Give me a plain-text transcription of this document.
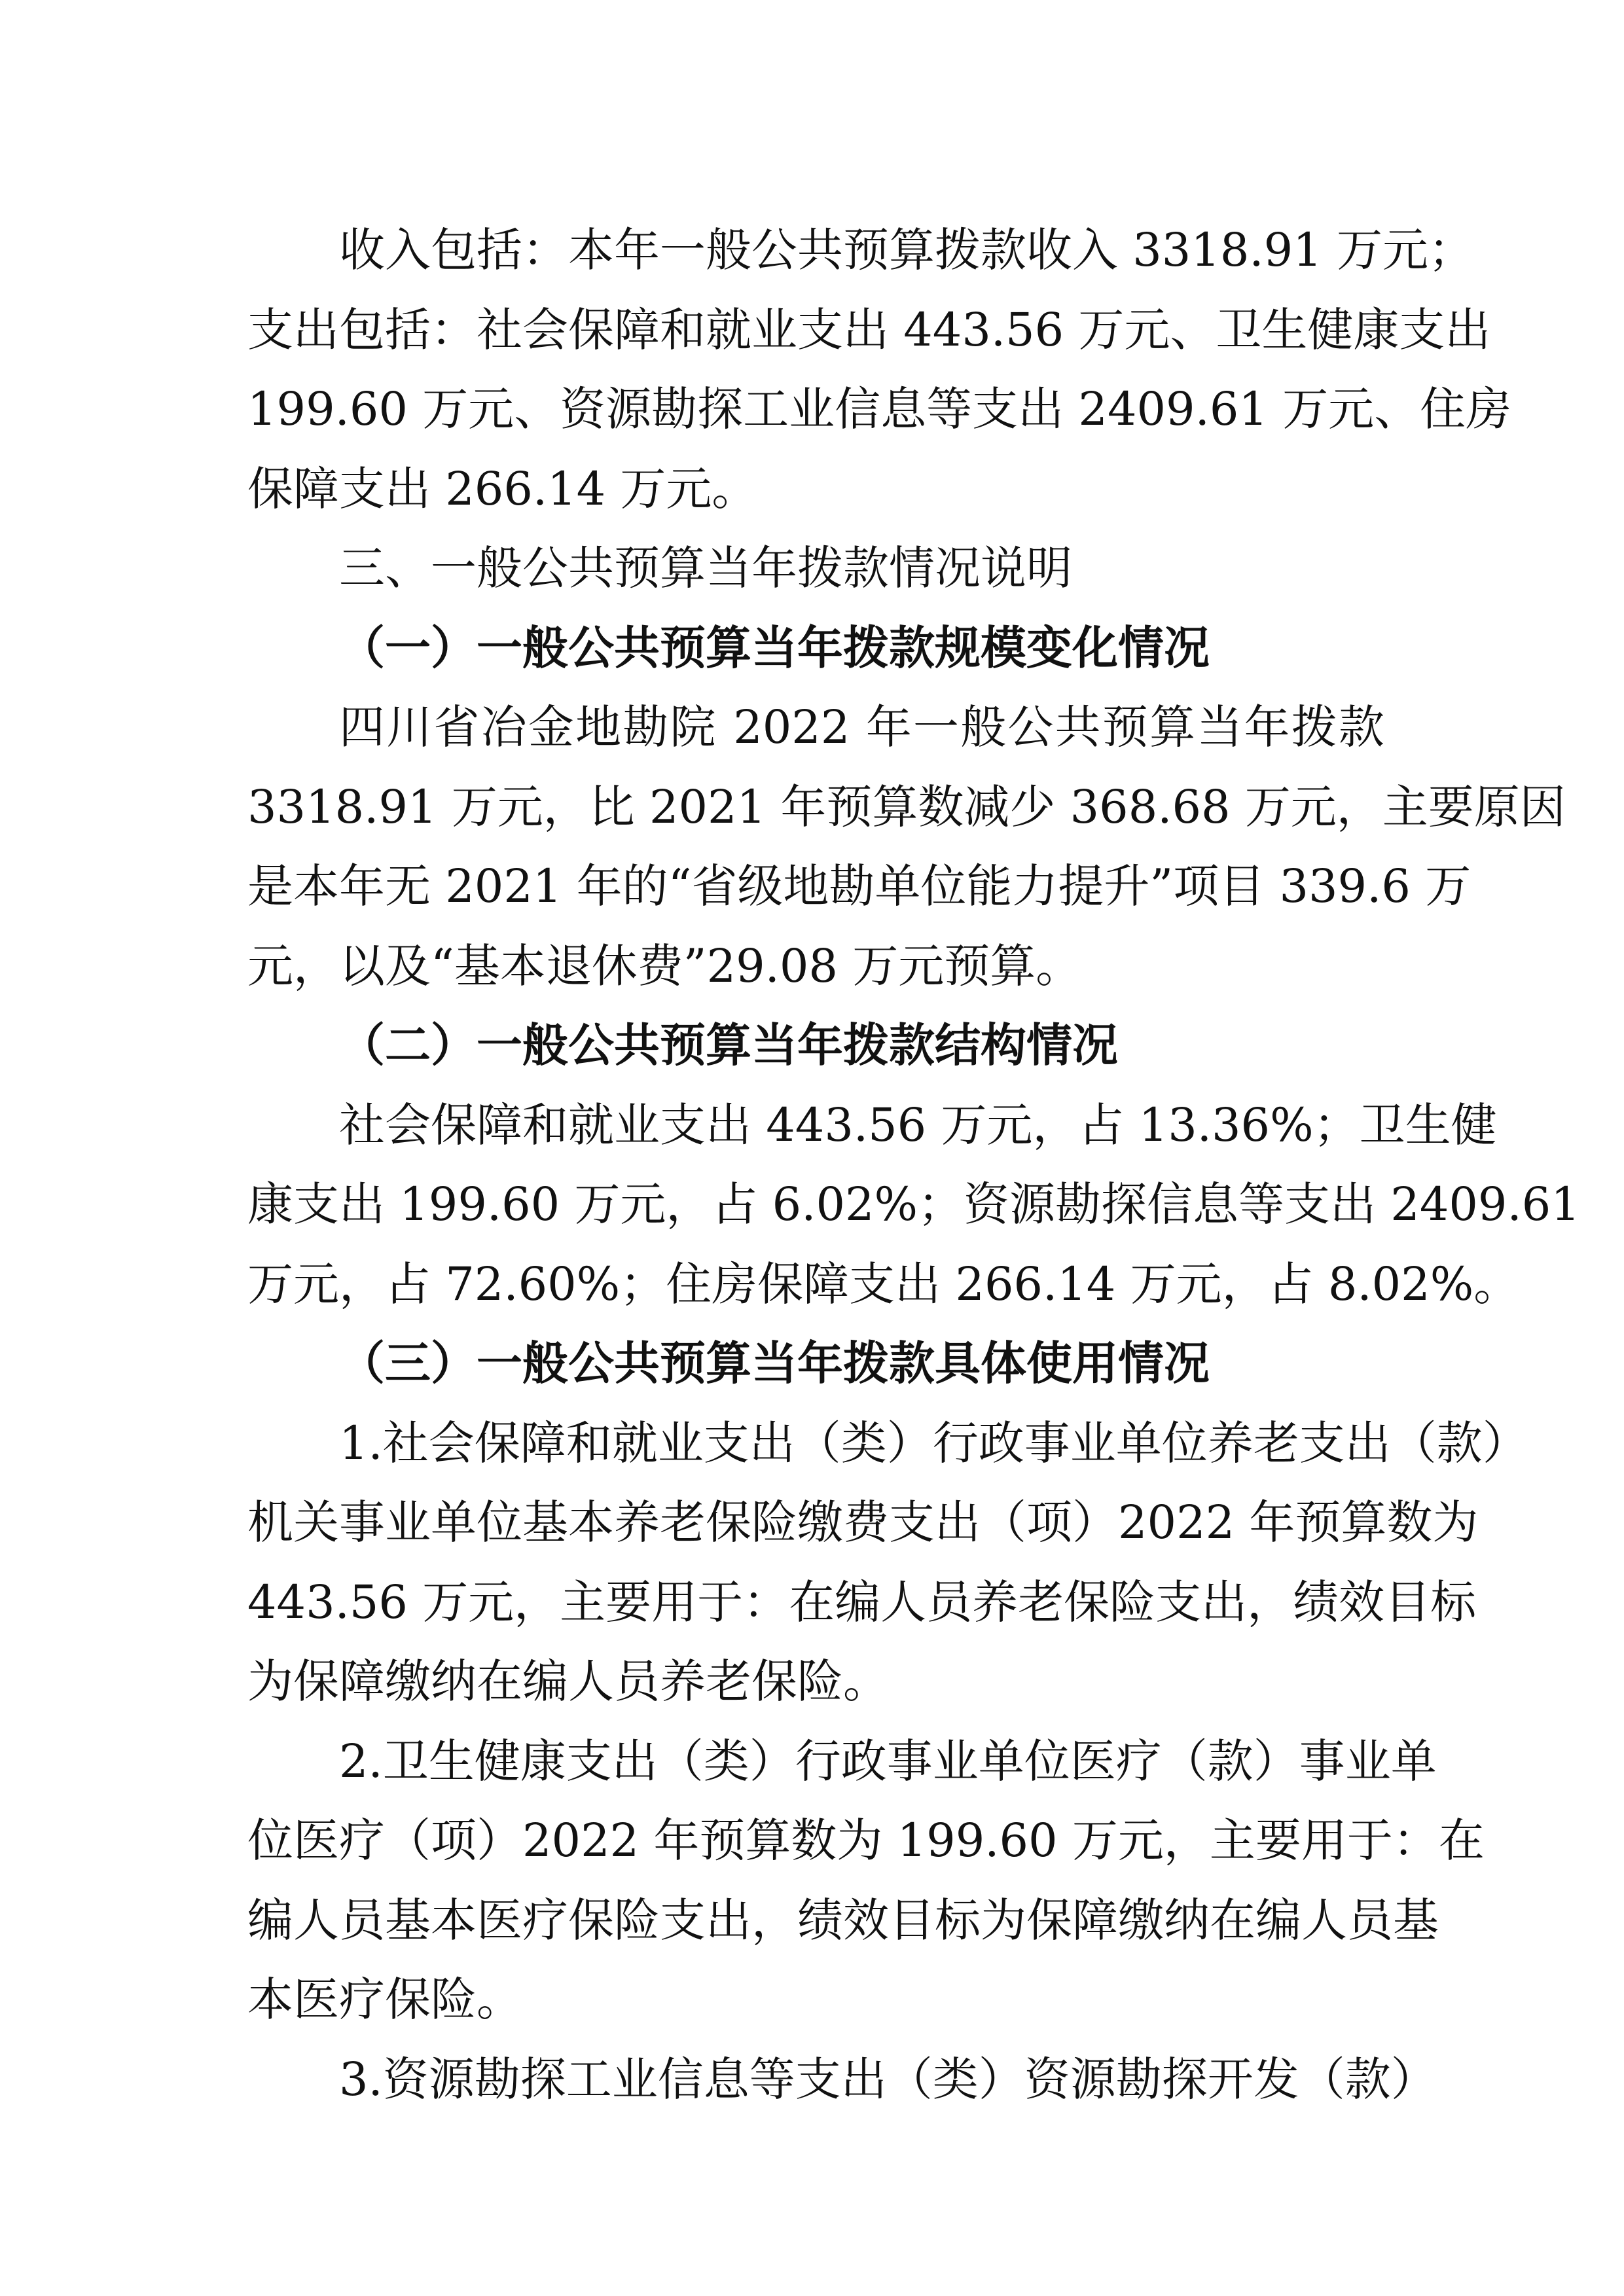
收入包括：本年一般公共预算拨款收入 3318.91 万元；
支出包括：社会保障和就业支出 443.56 万元、卫生健康支出
199.60 万元、资源勘探工业信息等支出 2409.61 万元、住房
保障支出 266.14 万元。
三、一般公共预算当年拨款情况说明
（一）一般公共预算当年拨款规模变化情况
四川省冶金地勘院 2022 年一般公共预算当年拨款
3318.91 万元，比 2021 年预算数减少 368.68 万元，主要原因
是本年无 2021 年的“省级地勘单位能力提升”项目 339.6 万
元，以及“基本退休费”29.08 万元预算。
（二）一般公共预算当年拨款结构情况
社会保障和就业支出 443.56 万元，占 13.36%；卫生健
康支出 199.60 万元，占 6.02%；资源勘探信息等支出 2409.61
万元，占 72.60%；住房保障支出 266.14 万元，占 8.02%。
（三）一般公共预算当年拨款具体使用情况
1.社会保障和就业支出（类）行政事业单位养老支出（款）
机关事业单位基本养老保险缴费支出（项）2022 年预算数为
443.56 万元，主要用于：在编人员养老保险支出，绩效目标
为保障缴纳在编人员养老保险。
2.卫生健康支出（类）行政事业单位医疗（款）事业单
位医疗（项）2022 年预算数为 199.60 万元，主要用于：在
编人员基本医疗保险支出，绩效目标为保障缴纳在编人员基
本医疗保险。
3.资源勘探工业信息等支出（类）资源勘探开发（款）
